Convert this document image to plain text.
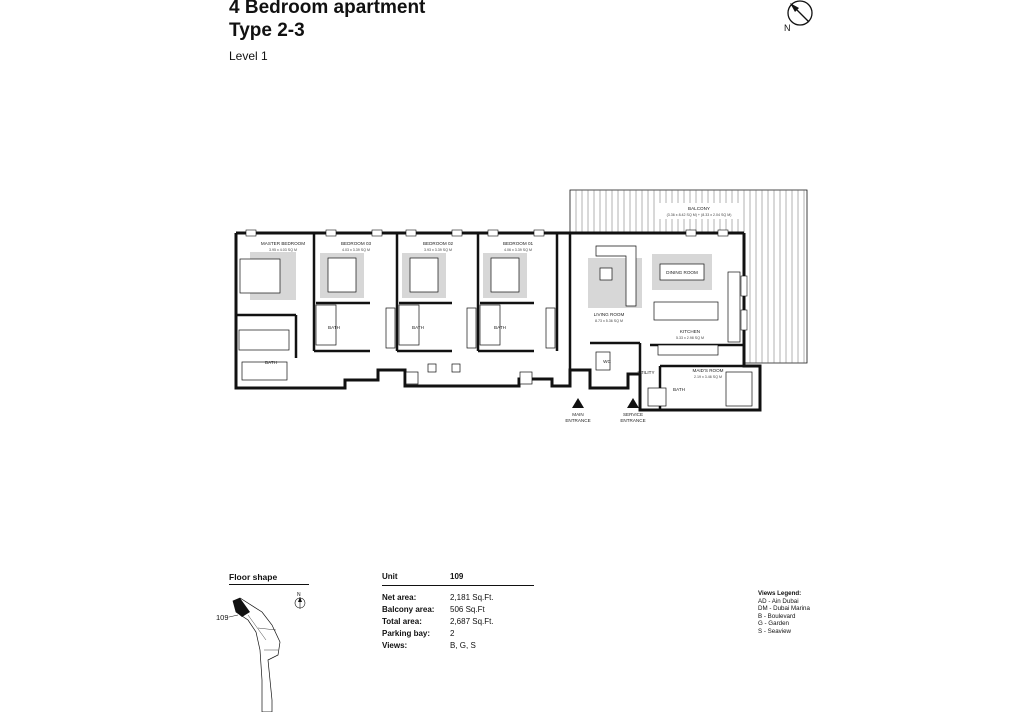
4 Bedroom apartment
Type 2-3
Level 1
N
MASTER BEDROOM
3.95 x 4.03 SQ M
BEDROOM 03
4.03 x 3.39 SQ M
BEDROOM 02
3.93 x 3.39 SQ M
BEDROOM 01
4.06 x 3.39 SQ M
BALCONY
(3.36 x 8.42 SQ M) + (8.33 x 2.04 SQ M)
DINING ROOM
LIVING ROOM
8.73 x 5.36 SQ M
KITCHEN
5.33 x 2.98 SQ M
MAID'S ROOM
2.19 x 3.46 SQ M
BATH
BATH	BATH	BATH
BATH
WC
UTILITY
MAIN
ENTRANCE
SERVICE
ENTRANCE
Floor shape
109
N
Unit	109
Net area:	2,181 Sq.Ft.
Balcony area:	506 Sq.Ft
Total area:	2,687 Sq.Ft.
Parking bay:	2
Views:	B, G, S
Views Legend:
AD - Ain Dubai
DM - Dubai Marina
B - Boulevard
G - Garden
S - Seaview
